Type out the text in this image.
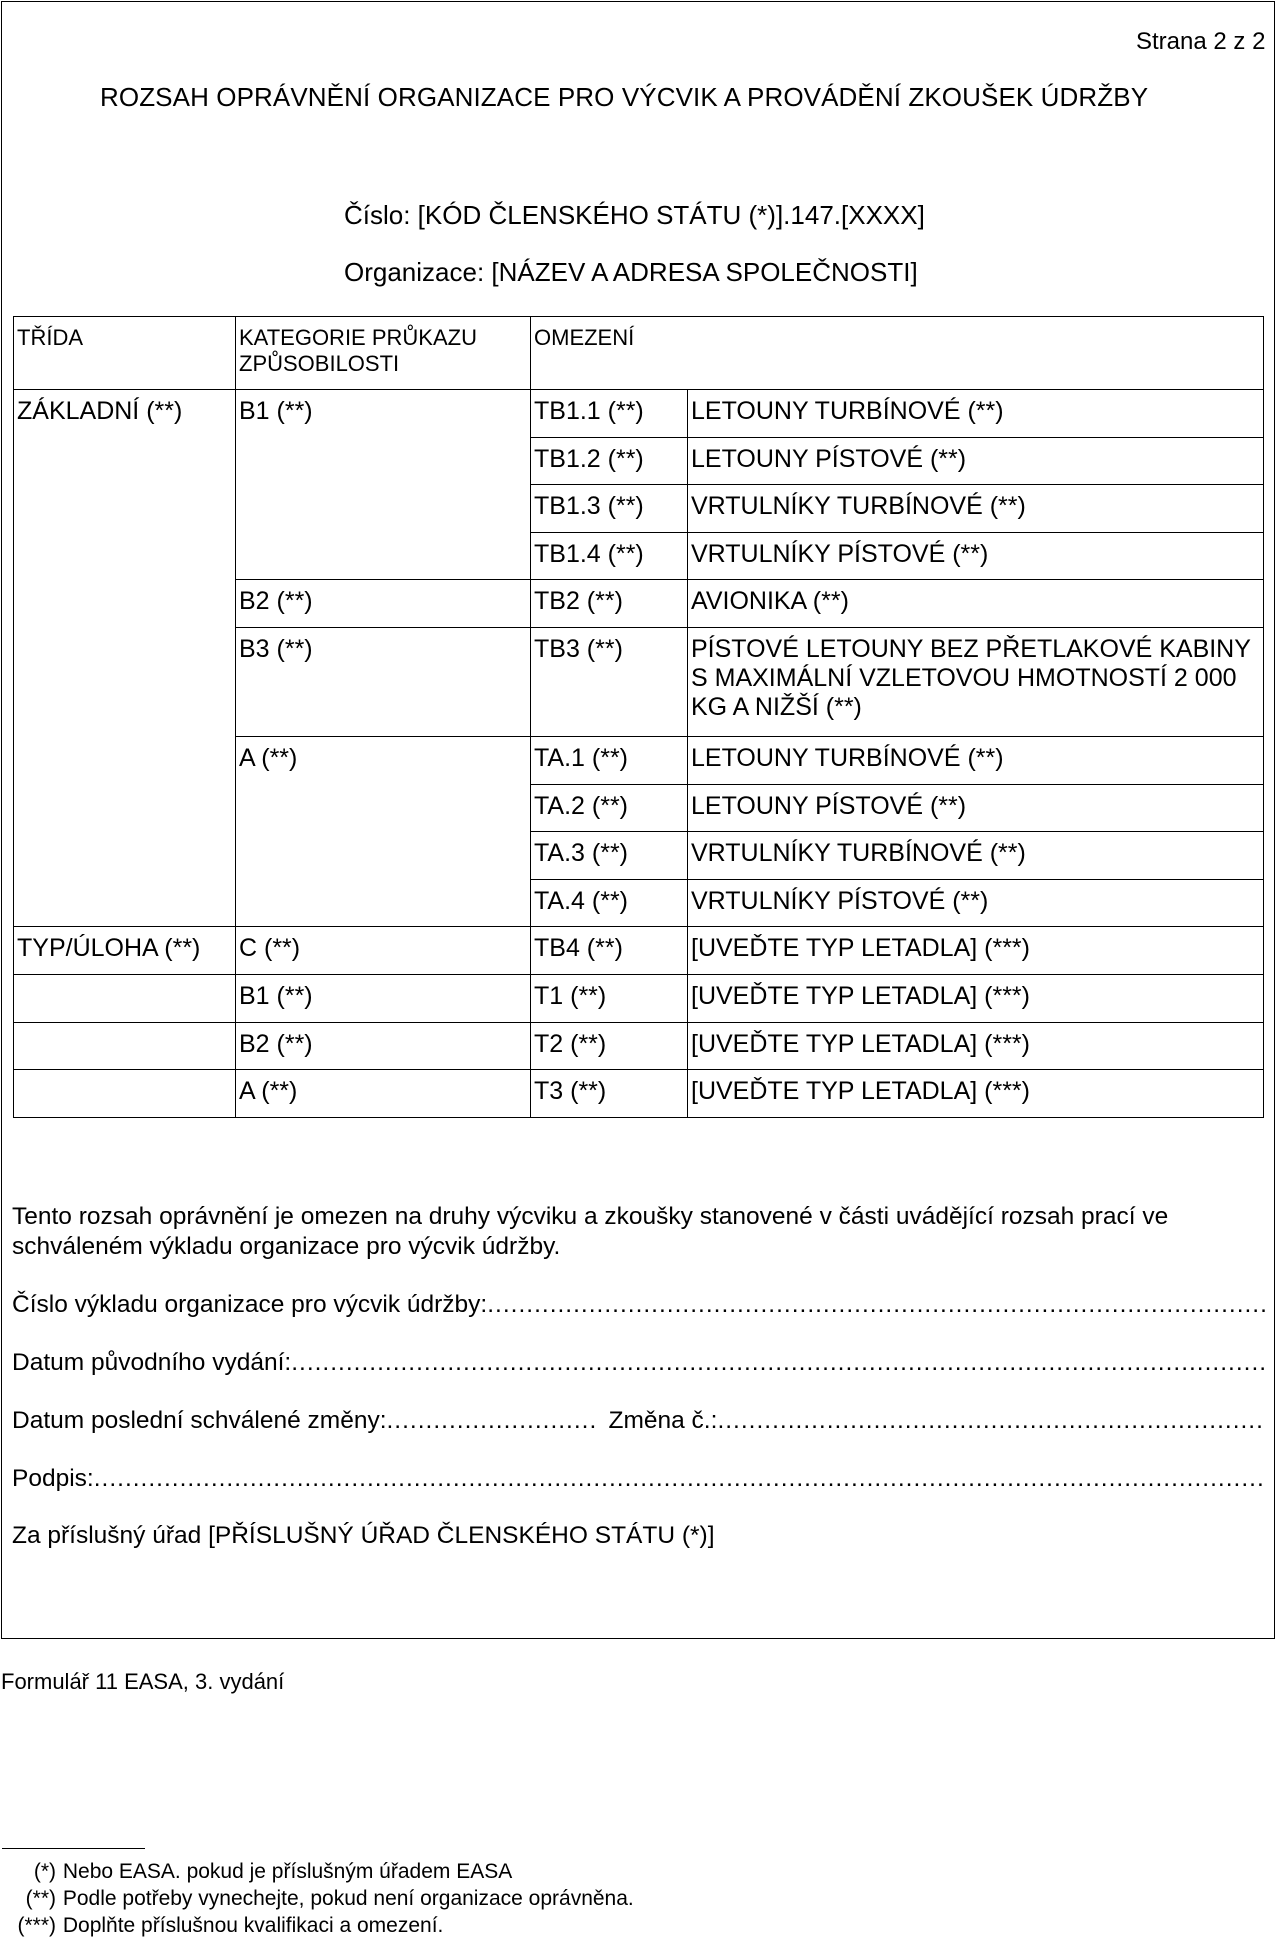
Strana 2 z 2
ROZSAH OPRÁVNĚNÍ ORGANIZACE PRO VÝCVIK A PROVÁDĚNÍ ZKOUŠEK ÚDRŽBY
Číslo: [KÓD ČLENSKÉHO STÁTU (*)].147.[XXXX]
Organizace: [NÁZEV A ADRESA SPOLEČNOSTI]
TŘÍDA	KATEGORIE PRŮKAZU ZPŮSOBILOSTI	OMEZENÍ	
ZÁKLADNÍ (**)	B1 (**)	TB1.1 (**)	LETOUNY TURBÍNOVÉ (**)
		TB1.2 (**)	LETOUNY PÍSTOVÉ (**)
		TB1.3 (**)	VRTULNÍKY TURBÍNOVÉ (**)
		TB1.4 (**)	VRTULNÍKY PÍSTOVÉ (**)
	B2 (**)	TB2 (**)	AVIONIKA (**)
	B3 (**)	TB3 (**)	PÍSTOVÉ LETOUNY BEZ PŘETLAKOVÉ KABINY S MAXIMÁLNÍ VZLETOVOU HMOTNOSTÍ 2 000 KG A NIŽŠÍ (**)
	A (**)	TA.1 (**)	LETOUNY TURBÍNOVÉ (**)
		TA.2 (**)	LETOUNY PÍSTOVÉ (**)
		TA.3 (**)	VRTULNÍKY TURBÍNOVÉ (**)
		TA.4 (**)	VRTULNÍKY PÍSTOVÉ (**)
TYP/ÚLOHA (**)	C (**)	TB4 (**)	[UVEĎTE TYP LETADLA] (***)
	B1 (**)	T1 (**)	[UVEĎTE TYP LETADLA] (***)
	B2 (**)	T2 (**)	[UVEĎTE TYP LETADLA] (***)
	A (**)	T3 (**)	[UVEĎTE TYP LETADLA] (***)
Tento rozsah oprávnění je omezen na druhy výcviku a zkoušky stanovené v části uvádějící rozsah prací ve schváleném výkladu organizace pro výcvik údržby.
Číslo výkladu organizace pro výcvik údržby:
.....
Datum původního vydání:
.....
Datum poslední schválené změny: .....	Změna č.:
.....
Podpis:
.....
Za příslušný úřad [PŘÍSLUŠNÝ ÚŘAD ČLENSKÉHO STÁTU (*)]
Formulář 11 EASA, 3. vydání
(*) Nebo EASA. pokud je příslušným úřadem EASA
(**) Podle potřeby vynechejte, pokud není organizace oprávněna.
(***) Doplňte příslušnou kvalifikaci a omezení.
